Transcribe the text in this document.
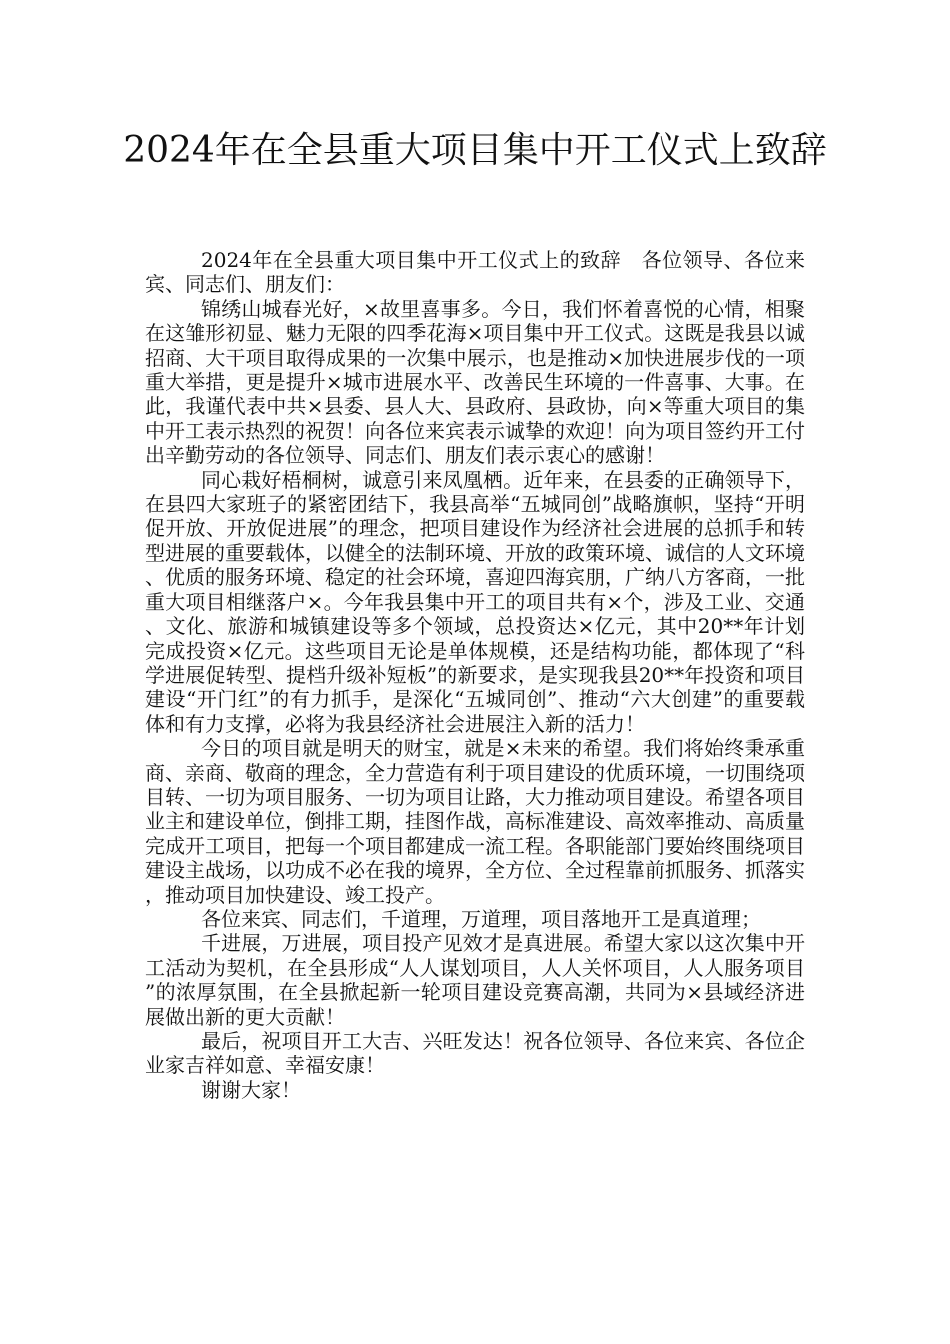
2024年在全县重大项目集中开工仪式上致辞

2024年在全县重大项目集中开工仪式上的致辞　各位领导、各位来宾、同志们、朋友们：

锦绣山城春光好，×故里喜事多。今日，我们怀着喜悦的心情，相聚在这雏形初显、魅力无限的四季花海×项目集中开工仪式。这既是我县以诚招商、大干项目取得成果的一次集中展示，也是推动×加快进展步伐的一项重大举措，更是提升×城市进展水平、改善民生环境的一件喜事、大事。在此，我谨代表中共×县委、县人大、县政府、县政协，向×等重大项目的集中开工表示热烈的祝贺！向各位来宾表示诚挚的欢迎！向为项目签约开工付出辛勤劳动的各位领导、同志们、朋友们表示衷心的感谢！

同心栽好梧桐树，诚意引来凤凰栖。近年来，在县委的正确领导下，在县四大家班子的紧密团结下，我县高举“五城同创”战略旗帜，坚持“开明促开放、开放促进展”的理念，把项目建设作为经济社会进展的总抓手和转型进展的重要载体，以健全的法制环境、开放的政策环境、诚信的人文环境、优质的服务环境、稳定的社会环境，喜迎四海宾朋，广纳八方客商，一批重大项目相继落户×。今年我县集中开工的项目共有×个，涉及工业、交通、文化、旅游和城镇建设等多个领域，总投资达×亿元，其中20**年计划完成投资×亿元。这些项目无论是单体规模，还是结构功能，都体现了“科学进展促转型、提档升级补短板”的新要求，是实现我县20**年投资和项目建设“开门红”的有力抓手，是深化“五城同创”、推动“六大创建”的重要载体和有力支撑，必将为我县经济社会进展注入新的活力！

今日的项目就是明天的财宝，就是×未来的希望。我们将始终秉承重商、亲商、敬商的理念，全力营造有利于项目建设的优质环境，一切围绕项目转、一切为项目服务、一切为项目让路，大力推动项目建设。希望各项目业主和建设单位，倒排工期，挂图作战，高标准建设、高效率推动、高质量完成开工项目，把每一个项目都建成一流工程。各职能部门要始终围绕项目建设主战场，以功成不必在我的境界，全方位、全过程靠前抓服务、抓落实，推动项目加快建设、竣工投产。

各位来宾、同志们，千道理，万道理，项目落地开工是真道理；

千进展，万进展，项目投产见效才是真进展。希望大家以这次集中开工活动为契机，在全县形成“人人谋划项目，人人关怀项目，人人服务项目”的浓厚氛围，在全县掀起新一轮项目建设竞赛高潮，共同为×县域经济进展做出新的更大贡献！

最后，祝项目开工大吉、兴旺发达！祝各位领导、各位来宾、各位企业家吉祥如意、幸福安康！

谢谢大家！
